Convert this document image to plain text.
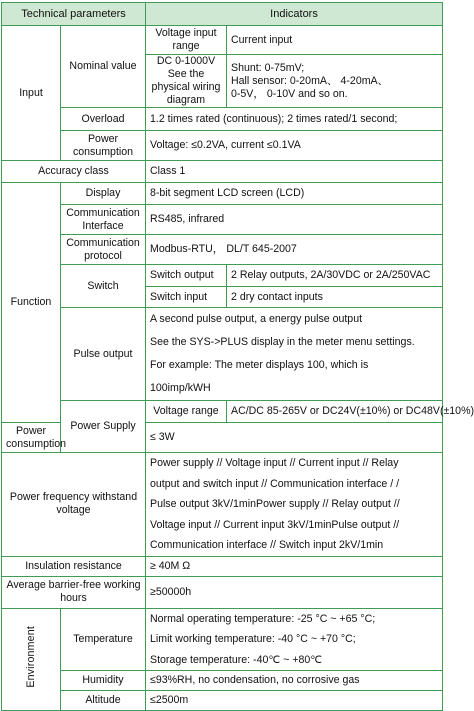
Technical parameters		Indicators	
Input	Nominal value	Voltage input range	Current input
		DC 0-1000V See the physical wiring diagram	Shunt: 0-75mV;
Hall sensor: 0-20mA、 4-20mA、
0-5V， 0-10V and so on.

	Overload	1.2 times rated (continuous); 2 times rated/1 second;	
	Power consumption	Voltage: ≤0.2VA, current ≤0.1VA	
Accuracy class		Class 1	
Function	Display	8-bit segment LCD screen (LCD)	
	Communication Interface	RS485, infrared	
	Communication protocol	Modbus-RTU， DL/T 645-2007	
	Switch	Switch output	2 Relay outputs, 2A/30VDC or 2A/250VAC
		Switch input	2 dry contact inputs
	Pulse output	A second pulse output, a energy pulse output
See the SYS->PLUS display in the meter menu settings.
For example: The meter displays 100, which is
100imp/kWH	

	Power Supply	Voltage range	AC/DC 85-265V or DC24V(±10%) or DC48V(±10%)
Power consumption		≤ 3W	
Power frequency withstand voltage		Power supply // Voltage input // Current input // Relay
output and switch input // Communication interface / /
Pulse output 3kV/1minPower supply // Relay output //
Voltage input // Current input 3kV/1minPulse output //
Communication interface // Switch input 2kV/1min	

Insulation resistance		≥ 40M Ω	
Average barrier-free working hours		≥50000h	
Environment	Temperature	Normal operating temperature: -25 °C ~ +65 °C;
Limit working temperature: -40 °C ~ +70 °C;
Storage temperature: -40℃ ~ +80℃	

	Humidity	≤93%RH, no condensation, no corrosive gas	
	Altitude	≤2500m	
